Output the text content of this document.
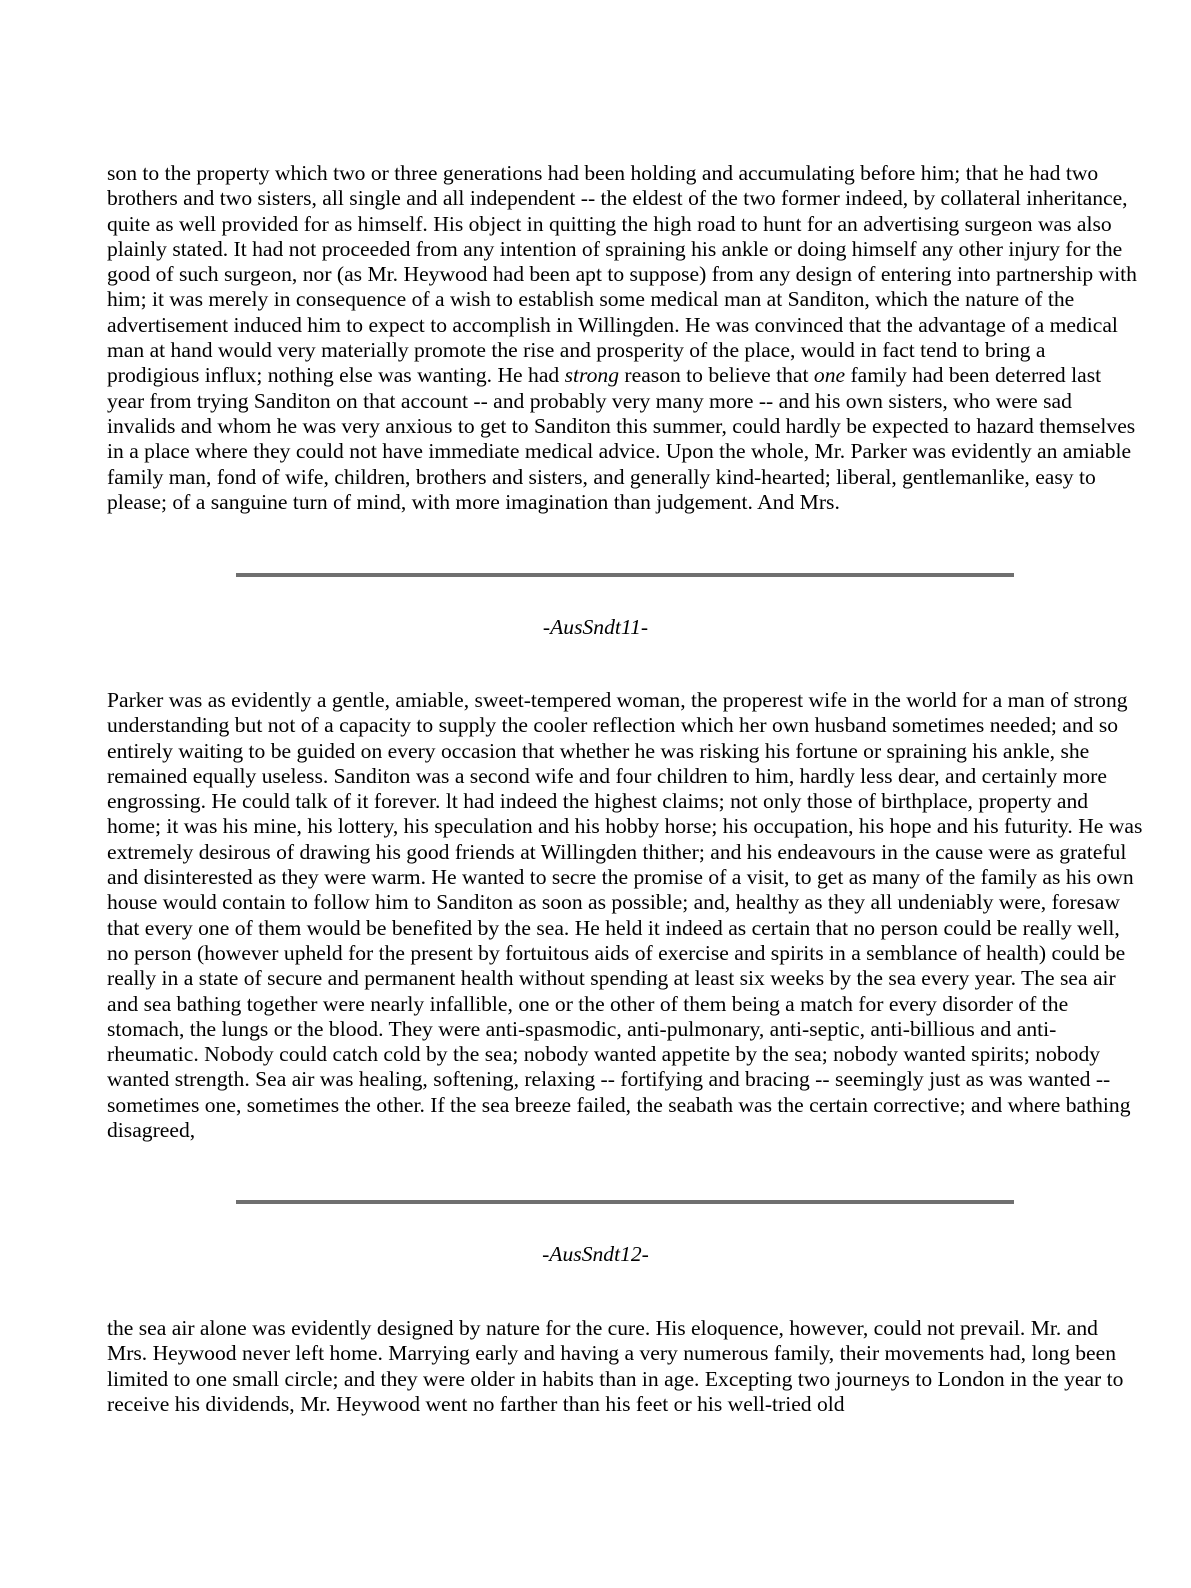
son to the property which two or three generations had been holding and accumulating before him; that he had two brothers and two sisters, all single and all independent -- the eldest of the two former indeed, by collateral inheritance, quite as well provided for as himself. His object in quitting the high road to hunt for an advertising surgeon was also plainly stated. It had not proceeded from any intention of spraining his ankle or doing himself any other injury for the good of such surgeon, nor (as Mr. Heywood had been apt to suppose) from any design of entering into partnership with him; it was merely in consequence of a wish to establish some medical man at Sanditon, which the nature of the advertisement induced him to expect to accomplish in Willingden. He was convinced that the advantage of a medical man at hand would very materially promote the rise and prosperity of the place, would in fact tend to bring a prodigious influx; nothing else was wanting. He had strong reason to believe that one family had been deterred last year from trying Sanditon on that account -- and probably very many more -- and his own sisters, who were sad invalids and whom he was very anxious to get to Sanditon this summer, could hardly be expected to hazard themselves in a place where they could not have immediate medical advice. Upon the whole, Mr. Parker was evidently an amiable family man, fond of wife, children, brothers and sisters, and generally kind-hearted; liberal, gentlemanlike, easy to please; of a sanguine turn of mind, with more imagination than judgement. And Mrs.

-AusSndt11-

Parker was as evidently a gentle, amiable, sweet-tempered woman, the properest wife in the world for a man of strong understanding but not of a capacity to supply the cooler reflection which her own husband sometimes needed; and so entirely waiting to be guided on every occasion that whether he was risking his fortune or spraining his ankle, she remained equally useless. Sanditon was a second wife and four children to him, hardly less dear, and certainly more engrossing. He could talk of it forever. lt had indeed the highest claims; not only those of birthplace, property and home; it was his mine, his lottery, his speculation and his hobby horse; his occupation, his hope and his futurity. He was extremely desirous of drawing his good friends at Willingden thither; and his endeavours in the cause were as grateful and disinterested as they were warm. He wanted to secre the promise of a visit, to get as many of the family as his own house would contain to follow him to Sanditon as soon as possible; and, healthy as they all undeniably were, foresaw that every one of them would be benefited by the sea. He held it indeed as certain that no person could be really well, no person (however upheld for the present by fortuitous aids of exercise and spirits in a semblance of health) could be really in a state of secure and permanent health without spending at least six weeks by the sea every year. The sea air and sea bathing together were nearly infallible, one or the other of them being a match for every disorder of the stomach, the lungs or the blood. They were anti-spasmodic, anti-pulmonary, anti-septic, anti-billious and anti-rheumatic. Nobody could catch cold by the sea; nobody wanted appetite by the sea; nobody wanted spirits; nobody wanted strength. Sea air was healing, softening, relaxing -- fortifying and bracing -- seemingly just as was wanted -- sometimes one, sometimes the other. If the sea breeze failed, the seabath was the certain corrective; and where bathing disagreed,

-AusSndt12-

the sea air alone was evidently designed by nature for the cure. His eloquence, however, could not prevail. Mr. and Mrs. Heywood never left home. Marrying early and having a very numerous family, their movements had, long been limited to one small circle; and they were older in habits than in age. Excepting two journeys to London in the year to receive his dividends, Mr. Heywood went no farther than his feet or his well-tried old
